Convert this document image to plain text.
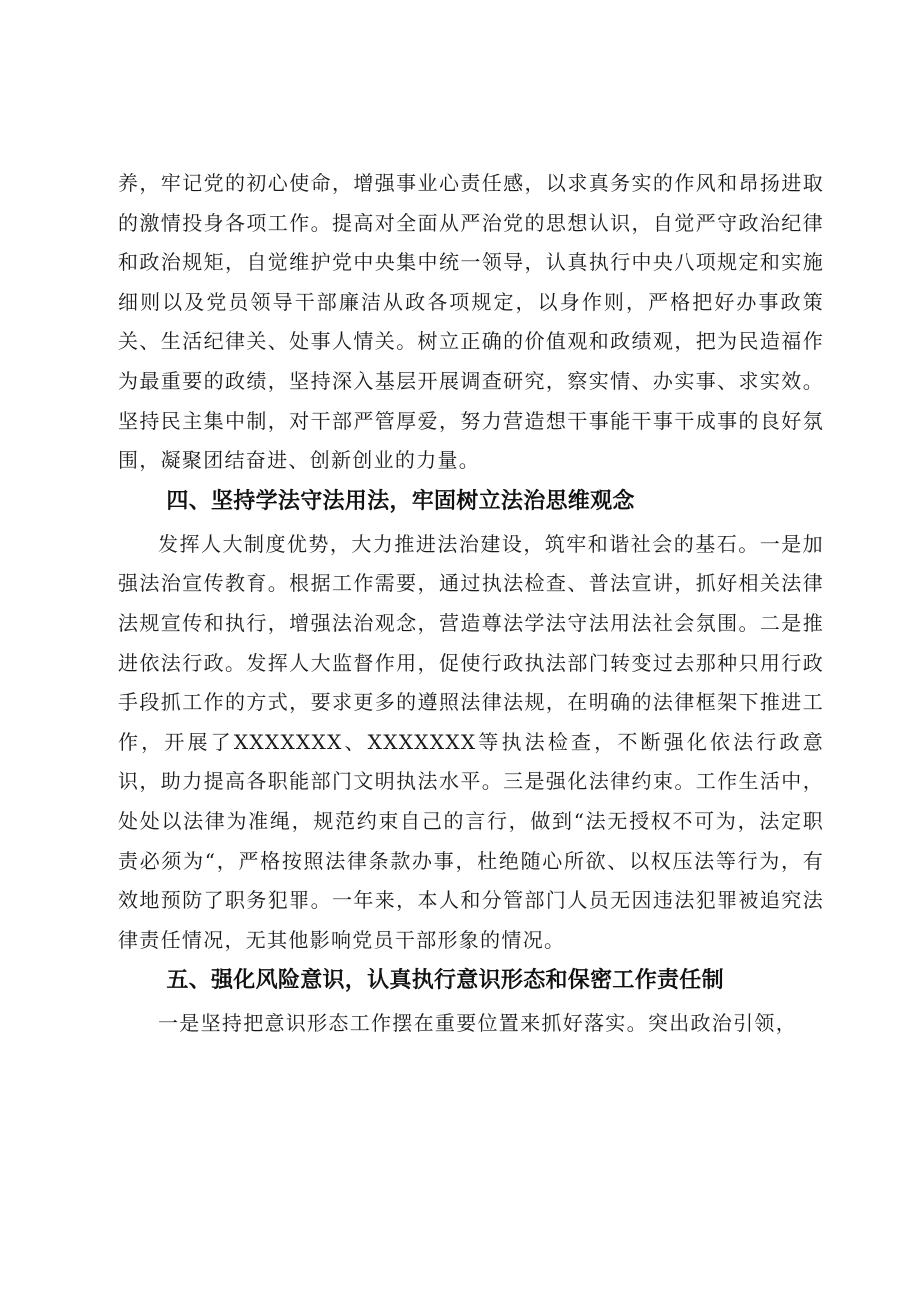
养，牢记党的初心使命，增强事业心责任感，以求真务实的作风和昂扬进取的激情投身各项工作。提高对全面从严治党的思想认识，自觉严守政治纪律和政治规矩，自觉维护党中央集中统一领导，认真执行中央八项规定和实施细则以及党员领导干部廉洁从政各项规定，以身作则，严格把好办事政策关、生活纪律关、处事人情关。树立正确的价值观和政绩观，把为民造福作为最重要的政绩，坚持深入基层开展调查研究，察实情、办实事、求实效。坚持民主集中制，对干部严管厚爱，努力营造想干事能干事干成事的良好氛围，凝聚团结奋进、创新创业的力量。

四、坚持学法守法用法，牢固树立法治思维观念

发挥人大制度优势，大力推进法治建设，筑牢和谐社会的基石。一是加强法治宣传教育。根据工作需要，通过执法检查、普法宣讲，抓好相关法律法规宣传和执行，增强法治观念，营造尊法学法守法用法社会氛围。二是推进依法行政。发挥人大监督作用，促使行政执法部门转变过去那种只用行政手段抓工作的方式，要求更多的遵照法律法规，在明确的法律框架下推进工作，开展了XXXXXXX、XXXXXXX等执法检查，不断强化依法行政意识，助力提高各职能部门文明执法水平。三是强化法律约束。工作生活中，处处以法律为准绳，规范约束自己的言行，做到“法无授权不可为，法定职责必须为“，严格按照法律条款办事，杜绝随心所欲、以权压法等行为，有效地预防了职务犯罪。一年来，本人和分管部门人员无因违法犯罪被追究法律责任情况，无其他影响党员干部形象的情况。

五、强化风险意识，认真执行意识形态和保密工作责任制

一是坚持把意识形态工作摆在重要位置来抓好落实。突出政治引领，
